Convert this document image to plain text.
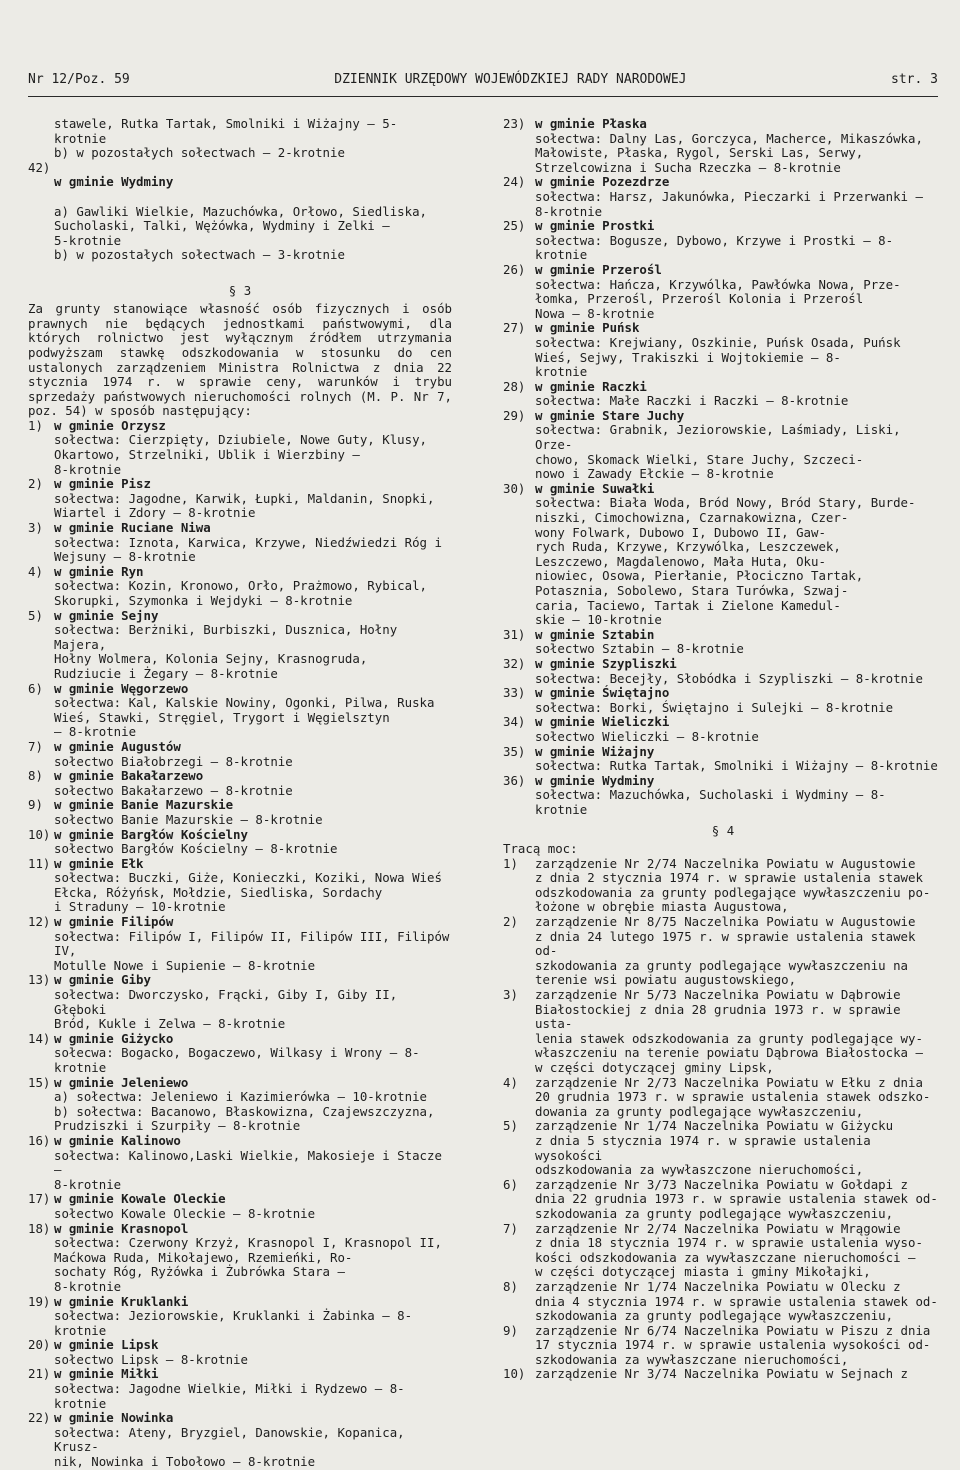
Nr 12/Poz. 59	DZIENNIK URZĘDOWY WOJEWÓDZKIEJ RADY NARODOWEJ	str. 3
stawele, Rutka Tartak, Smolniki i Wiżajny — 5-
krotnie
b) w pozostałych sołectwach — 2-krotnie
42)

w gminie Wydminy

a) Gawliki Wielkie, Mazuchówka, Orłowo, Siedliska,
Sucholaski, Talki, Wężówka, Wydminy i Zelki —
5-krotnie
b) w pozostałych sołectwach — 3-krotnie

§ 3
Za grunty stanowiące własność osób fizycznych i osób prawnych nie będących jednostkami państwowymi, dla których rolnictwo jest wyłącznym źródłem utrzymania podwyższam stawkę odszkodowania w stosunku do cen ustalonych zarządzeniem Ministra Rolnictwa z dnia 22 stycznia 1974 r. w sprawie ceny, warunków i trybu sprzedaży państwowych nieruchomości rolnych (M. P. Nr 7, poz. 54) w sposób następujący:
1) w gminie Orzysz
sołectwa: Cierzpięty, Dziubiele, Nowe Guty, Klusy,
Okartowo, Strzelniki, Ublik i Wierzbiny —
8-krotnie
2) w gminie Pisz
sołectwa: Jagodne, Karwik, Łupki, Maldanin, Snopki,
Wiartel i Zdory — 8-krotnie
3) w gminie Ruciane Niwa
sołectwa: Iznota, Karwica, Krzywe, Niedźwiedzi Róg i
Wejsuny — 8-krotnie
4) w gminie Ryn
sołectwa: Kozin, Kronowo, Orło, Prażmowo, Rybical,
Skorupki, Szymonka i Wejdyki — 8-krotnie
5) w gminie Sejny
sołectwa: Berżniki, Burbiszki, Dusznica, Hołny Majera,
Hołny Wolmera, Kolonia Sejny, Krasnogruda,
Rudziucie i Żegary — 8-krotnie
6) w gminie Węgorzewo
sołectwa: Kal, Kalskie Nowiny, Ogonki, Pilwa, Ruska
Wieś, Stawki, Stręgiel, Trygort i Węgielsztyn
— 8-krotnie
7) w gminie Augustów
sołectwo Białobrzegi — 8-krotnie
8) w gminie Bakałarzewo
sołectwo Bakałarzewo — 8-krotnie
9) w gminie Banie Mazurskie
sołectwo Banie Mazurskie — 8-krotnie
10) w gminie Bargłów Kościelny
sołectwo Bargłów Kościelny — 8-krotnie
11) w gminie Ełk
sołectwa: Buczki, Giże, Konieczki, Koziki, Nowa Wieś
Ełcka, Różyńsk, Mołdzie, Siedliska, Sordachy
i Straduny — 10-krotnie
12) w gminie Filipów
sołectwa: Filipów I, Filipów II, Filipów III, Filipów IV,
Motulle Nowe i Supienie — 8-krotnie
13) w gminie Giby
sołectwa: Dworczysko, Frącki, Giby I, Giby II, Głęboki
Bród, Kukle i Zelwa — 8-krotnie
14) w gminie Giżycko
sołecwa: Bogacko, Bogaczewo, Wilkasy i Wrony — 8-
krotnie
15) w gminie Jeleniewo
a) sołectwa: Jeleniewo i Kazimierówka — 10-krotnie
b) sołectwa: Bacanowo, Błaskowizna, Czajewszczyzna,
Prudziszki i Szurpiły — 8-krotnie
16) w gminie Kalinowo
sołectwa: Kalinowo,Laski Wielkie, Makosieje i Stacze —
8-krotnie
17) w gminie Kowale Oleckie
sołectwo Kowale Oleckie — 8-krotnie
18) w gminie Krasnopol
sołectwa: Czerwony Krzyż, Krasnopol I, Krasnopol II,
Maćkowa Ruda, Mikołajewo, Rzemieńki, Ro-
sochaty Róg, Ryżówka i Żubrówka Stara —
8-krotnie
19) w gminie Kruklanki
sołectwa: Jeziorowskie, Kruklanki i Żabinka — 8-krotnie
20) w gminie Lipsk
sołectwo Lipsk — 8-krotnie
21) w gminie Miłki
sołectwa: Jagodne Wielkie, Miłki i Rydzewo — 8-krotnie
22) w gminie Nowinka
sołectwa: Ateny, Bryzgiel, Danowskie, Kopanica, Krusz-
nik, Nowinka i Tobołowo — 8-krotnie
23) w gminie Płaska
sołectwa: Dalny Las, Gorczyca, Macherce, Mikaszówka,
Małowiste, Płaska, Rygol, Serski Las, Serwy,
Strzelcowizna i Sucha Rzeczka — 8-krotnie
24) w gminie Pozezdrze
sołectwa: Harsz, Jakunówka, Pieczarki i Przerwanki —
8-krotnie
25) w gminie Prostki
sołectwa: Bogusze, Dybowo, Krzywe i Prostki — 8-
krotnie
26) w gminie Przerośl
sołectwa: Hańcza, Krzywólka, Pawłówka Nowa, Prze-
łomka, Przerośl, Przerośl Kolonia i Przerośl
Nowa — 8-krotnie
27) w gminie Puńsk
sołectwa: Krejwiany, Oszkinie, Puńsk Osada, Puńsk
Wieś, Sejwy, Trakiszki i Wojtokiemie — 8-
krotnie
28) w gminie Raczki
sołectwa: Małe Raczki i Raczki — 8-krotnie
29) w gminie Stare Juchy
sołectwa: Grabnik, Jeziorowskie, Laśmiady, Liski, Orze-
chowo, Skomack Wielki, Stare Juchy, Szczeci-
nowo i Zawady Ełckie — 8-krotnie
30) w gminie Suwałki
sołectwa: Biała Woda, Bród Nowy, Bród Stary, Burde-
niszki, Cimochowizna, Czarnakowizna, Czer-
wony Folwark, Dubowo I, Dubowo II, Gaw-
rych Ruda, Krzywe, Krzywólka, Leszczewek,
Leszczewo, Magdalenowo, Mała Huta, Oku-
niowiec, Osowa, Pierłanie, Płociczno Tartak,
Potasznia, Sobolewo, Stara Turówka, Szwaj-
caria, Taciewo, Tartak i Zielone Kamedul-
skie — 10-krotnie
31) w gminie Sztabin
sołectwo Sztabin — 8-krotnie
32) w gminie Szypliszki
sołectwa: Becejły, Słobódka i Szypliszki — 8-krotnie
33) w gminie Świętajno
sołectwa: Borki, Świętajno i Sulejki — 8-krotnie
34) w gminie Wieliczki
sołectwo Wieliczki — 8-krotnie
35) w gminie Wiżajny
sołectwa: Rutka Tartak, Smolniki i Wiżajny — 8-krotnie
36) w gminie Wydminy
sołectwa: Mazuchówka, Sucholaski i Wydminy — 8-
krotnie
§ 4
Tracą moc:
1)	zarządzenie Nr 2/74 Naczelnika Powiatu w Augustowie
z dnia 2 stycznia 1974 r. w sprawie ustalenia stawek
odszkodowania za grunty podlegające wywłaszczeniu po-
łożone w obrębie miasta Augustowa,
2)	zarządzenie Nr 8/75 Naczelnika Powiatu w Augustowie
z dnia 24 lutego 1975 r. w sprawie ustalenia stawek od-
szkodowania za grunty podlegające wywłaszczeniu na
terenie wsi powiatu augustowskiego,
3)	zarządzenie Nr 5/73 Naczelnika Powiatu w Dąbrowie
Białostockiej z dnia 28 grudnia 1973 r. w sprawie usta-
lenia stawek odszkodowania za grunty podlegające wy-
właszczeniu na terenie powiatu Dąbrowa Białostocka —
w części dotyczącej gminy Lipsk,
4)	zarządzenie Nr 2/73 Naczelnika Powiatu w Ełku z dnia
20 grudnia 1973 r. w sprawie ustalenia stawek odszko-
dowania za grunty podlegające wywłaszczeniu,
5)	zarządzenie Nr 1/74 Naczelnika Powiatu w Giżycku
z dnia 5 stycznia 1974 r. w sprawie ustalenia wysokości
odszkodowania za wywłaszczone nieruchomości,
6)	zarządzenie Nr 3/73 Naczelnika Powiatu w Gołdapi z
dnia 22 grudnia 1973 r. w sprawie ustalenia stawek od-
szkodowania za grunty podlegające wywłaszczeniu,
7)	zarządzenie Nr 2/74 Naczelnika Powiatu w Mrągowie
z dnia 18 stycznia 1974 r. w sprawie ustalenia wyso-
kości odszkodowania za wywłaszczane nieruchomości —
w części dotyczącej miasta i gminy Mikołajki,
8)	zarządzenie Nr 1/74 Naczelnika Powiatu w Olecku z
dnia 4 stycznia 1974 r. w sprawie ustalenia stawek od-
szkodowania za grunty podlegające wywłaszczeniu,
9)	zarządzenie Nr 6/74 Naczelnika Powiatu w Piszu z dnia
17 stycznia 1974 r. w sprawie ustalenia wysokości od-
szkodowania za wywłaszczane nieruchomości,
10) zarządzenie Nr 3/74 Naczelnika Powiatu w Sejnach z
